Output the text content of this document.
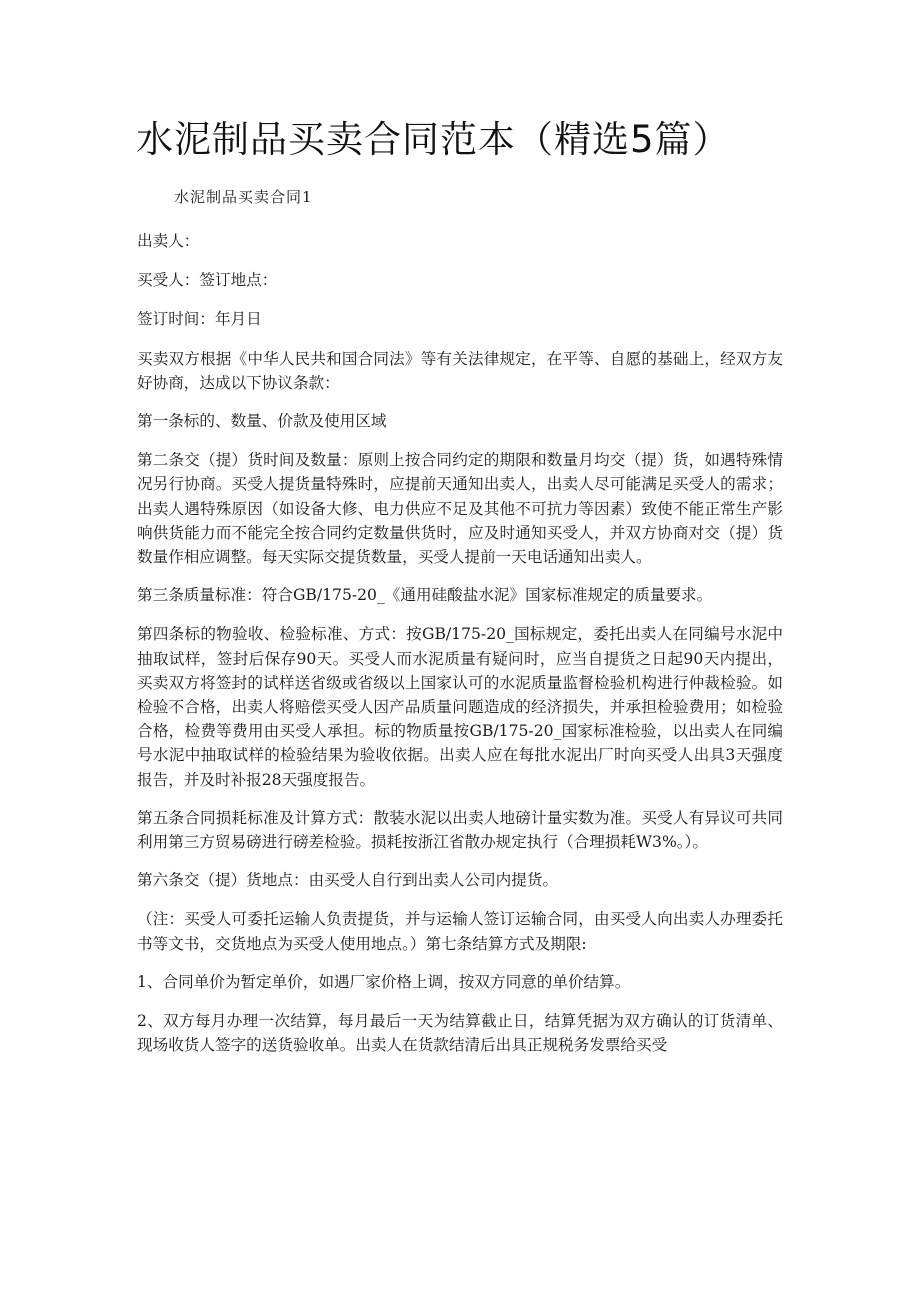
水泥制品买卖合同范本（精选5篇）

水泥制品买卖合同1

出卖人：

买受人：签订地点：

签订时间：年月日

买卖双方根据《中华人民共和国合同法》等有关法律规定，在平等、自愿的基础上，经双方友好协商，达成以下协议条款：

第一条标的、数量、价款及使用区域

第二条交（提）货时间及数量：原则上按合同约定的期限和数量月均交（提）货，如遇特殊情况另行协商。买受人提货量特殊时，应提前天通知出卖人，出卖人尽可能满足买受人的需求；出卖人遇特殊原因（如设备大修、电力供应不足及其他不可抗力等因素）致使不能正常生产影响供货能力而不能完全按合同约定数量供货时，应及时通知买受人，并双方协商对交（提）货数量作相应调整。每天实际交提货数量，买受人提前一天电话通知出卖人。

第三条质量标准：符合GB/175-20_《通用硅酸盐水泥》国家标准规定的质量要求。

第四条标的物验收、检验标准、方式：按GB/175-20_国标规定，委托出卖人在同编号水泥中抽取试样，签封后保存90天。买受人而水泥质量有疑问时，应当自提货之日起90天内提出，买卖双方将签封的试样送省级或省级以上国家认可的水泥质量监督检验机构进行仲裁检验。如检验不合格，出卖人将赔偿买受人因产品质量问题造成的经济损失，并承担检验费用；如检验合格，检费等费用由买受人承担。标的物质量按GB/175-20_国家标准检验，以出卖人在同编号水泥中抽取试样的检验结果为验收依据。出卖人应在每批水泥出厂时向买受人出具3天强度报告，并及时补报28天强度报告。

第五条合同损耗标准及计算方式：散装水泥以出卖人地磅计量实数为准。买受人有异议可共同利用第三方贸易磅进行磅差检验。损耗按浙江省散办规定执行（合理损耗W3%。）。

第六条交（提）货地点：由买受人自行到出卖人公司内提货。

（注：买受人可委托运输人负责提货，并与运输人签订运输合同，由买受人向出卖人办理委托书等文书，交货地点为买受人使用地点。）第七条结算方式及期限:

1、合同单价为暂定单价，如遇厂家价格上调，按双方同意的单价结算。

2、双方每月办理一次结算，每月最后一天为结算截止日，结算凭据为双方确认的订货清单、现场收货人签字的送货验收单。出卖人在货款结清后出具正规税务发票给买受
